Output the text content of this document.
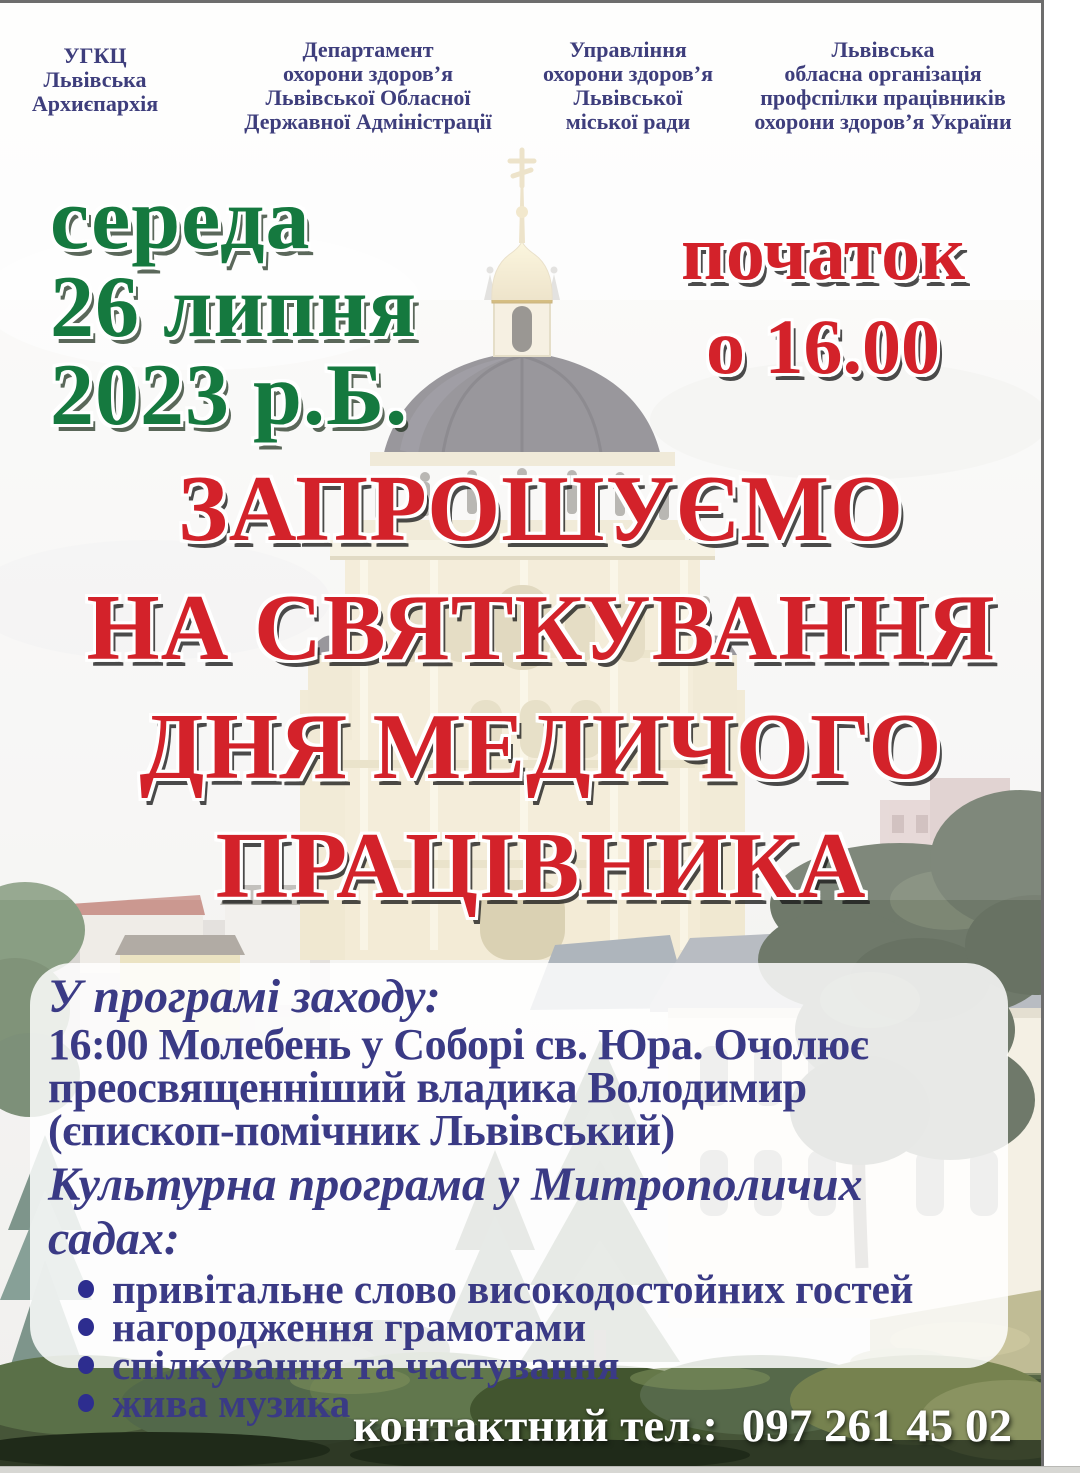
УГКЦ
Львівська
Архиєпархія
Департамент
охорони здоров’я
Львівської Обласної
Державної Адміністрації
Управління
охорони здоров’я
Львівської
міської ради
Львівська
обласна організація
профспілки працівників
охорони здоров’я України
середа
26 липня
2023 р.Б.
початок
о 16.00
ЗАПРОШУЄМО
НА СВЯТКУВАННЯ
ДНЯ МЕДИЧОГО
ПРАЦІВНИКА
У програмі заходу:
16:00 Молебень у Соборі св. Юра. Очолює
преосвященніший владика Володимир
(єпископ-помічник Львівський)
Культурна програма у Митрополичих садах:
привітальне слово високодостойних гостей
нагородження грамотами
спілкування та частування
жива музика контактний тел.: 097 261 45 02
